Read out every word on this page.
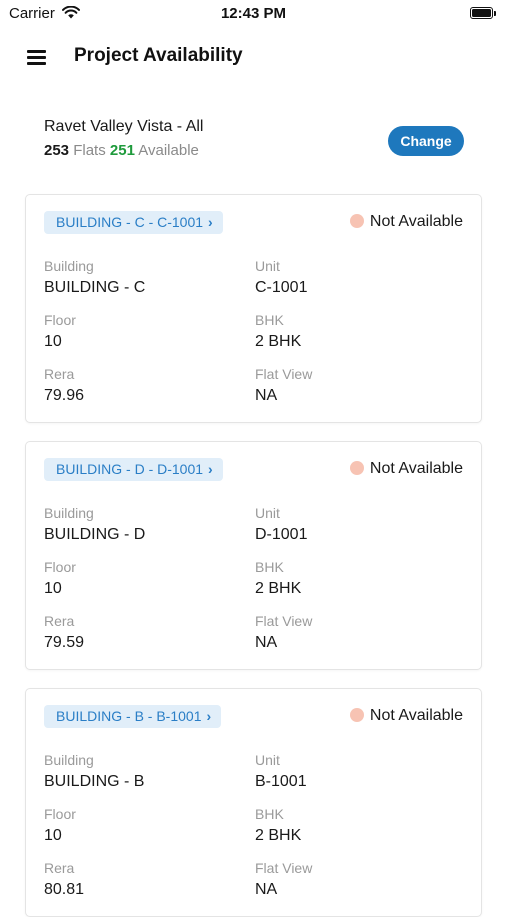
Carrier	12:43 PM
Project Availability
Ravet Valley Vista - All
253 Flats 251 Available
Change
BUILDING - C - C-1001 ›	Not Available
Building
BUILDING - C
Unit
C-1001
Floor
10
BHK
2 BHK
Rera
79.96
Flat View
NA
BUILDING - D - D-1001 ›	Not Available
Building
BUILDING - D
Unit
D-1001
Floor
10
BHK
2 BHK
Rera
79.59
Flat View
NA
BUILDING - B - B-1001 ›	Not Available
Building
BUILDING - B
Unit
B-1001
Floor
10
BHK
2 BHK
Rera
80.81
Flat View
NA
